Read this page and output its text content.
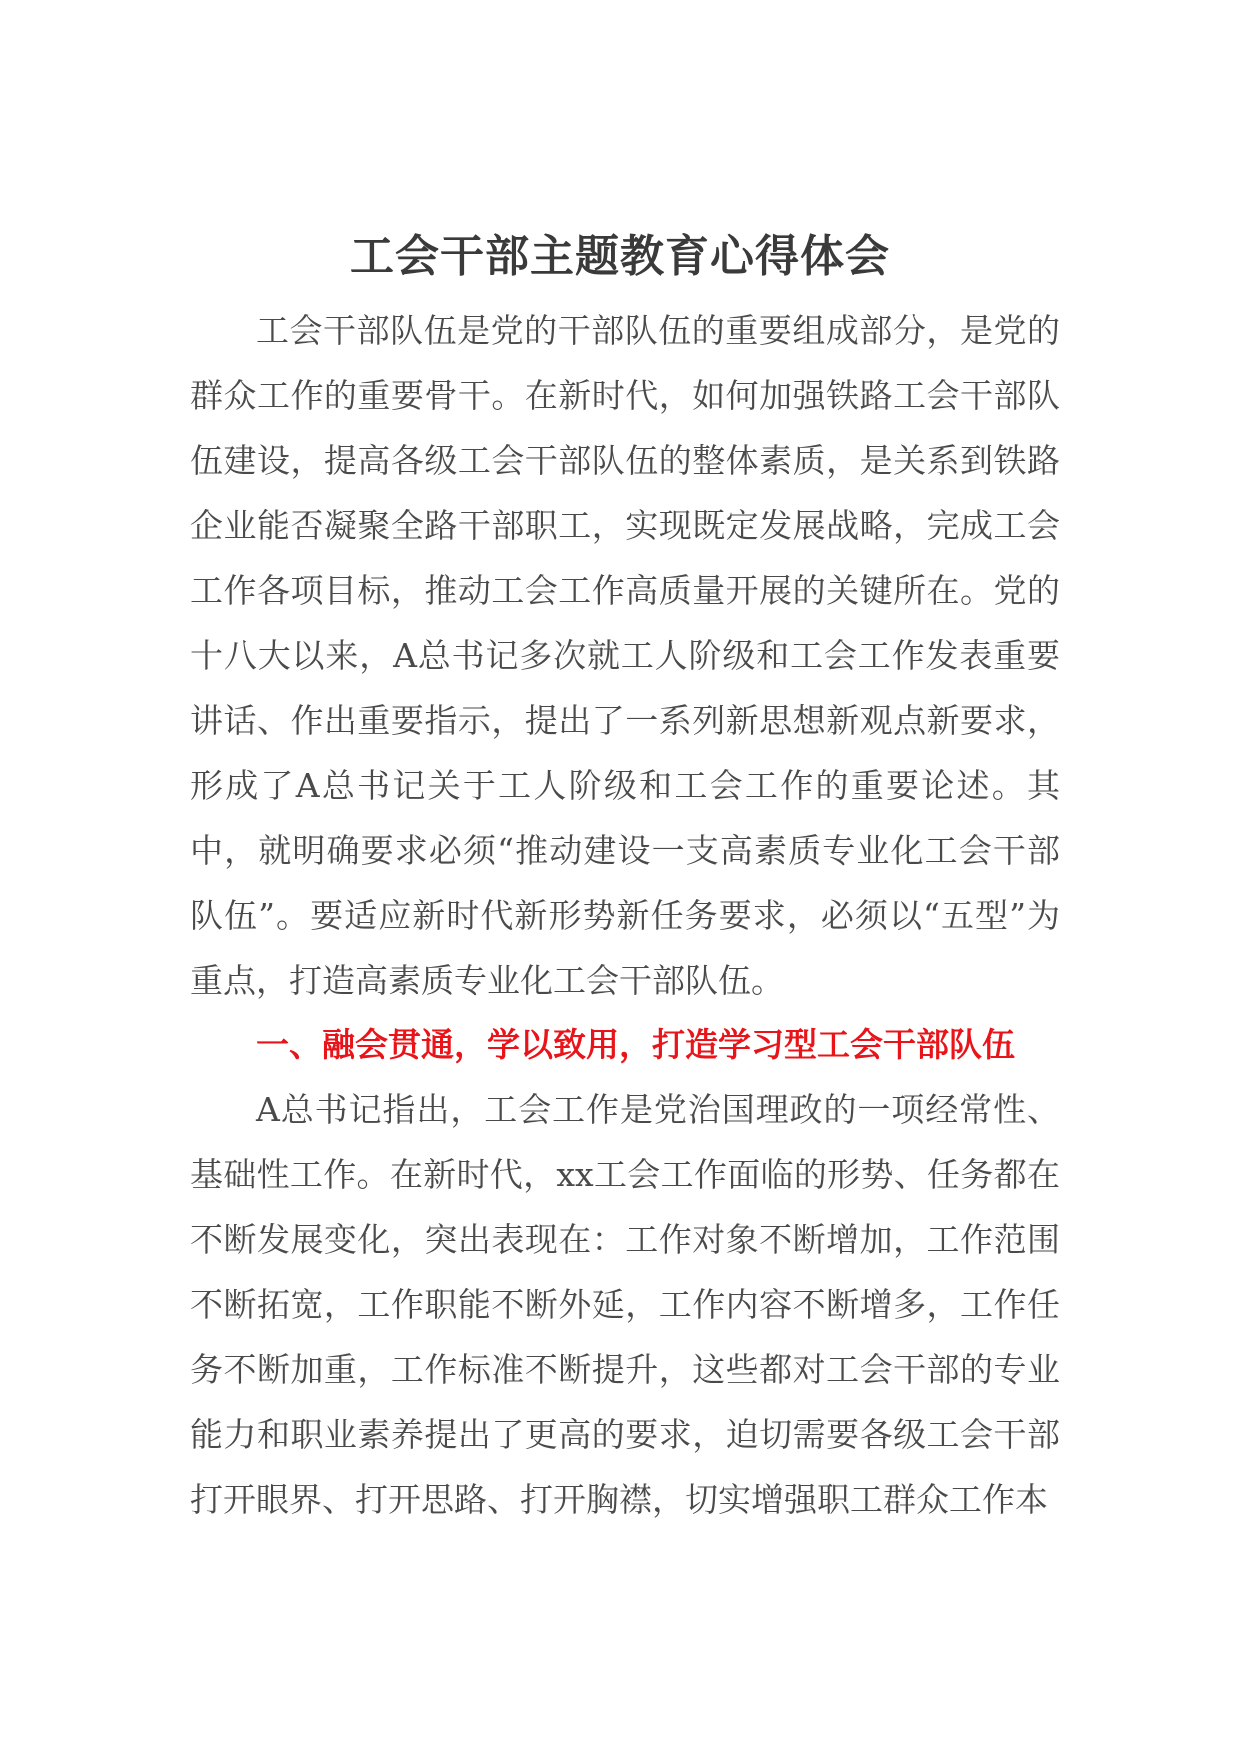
工会干部主题教育心得体会

工会干部队伍是党的干部队伍的重要组成部分，是党的群众工作的重要骨干。在新时代，如何加强铁路工会干部队伍建设，提高各级工会干部队伍的整体素质，是关系到铁路企业能否凝聚全路干部职工，实现既定发展战略，完成工会工作各项目标，推动工会工作高质量开展的关键所在。党的十八大以来，A总书记多次就工人阶级和工会工作发表重要讲话、作出重要指示，提出了一系列新思想新观点新要求，形成了A总书记关于工人阶级和工会工作的重要论述。其中，就明确要求必须“推动建设一支高素质专业化工会干部队伍”。要适应新时代新形势新任务要求，必须以“五型”为重点，打造高素质专业化工会干部队伍。

一、融会贯通，学以致用，打造学习型工会干部队伍

A总书记指出，工会工作是党治国理政的一项经常性、基础性工作。在新时代，xx工会工作面临的形势、任务都在不断发展变化，突出表现在：工作对象不断增加，工作范围不断拓宽，工作职能不断外延，工作内容不断增多，工作任务不断加重，工作标准不断提升，这些都对工会干部的专业能力和职业素养提出了更高的要求，迫切需要各级工会干部打开眼界、打开思路、打开胸襟，切实增强职工群众工作本
